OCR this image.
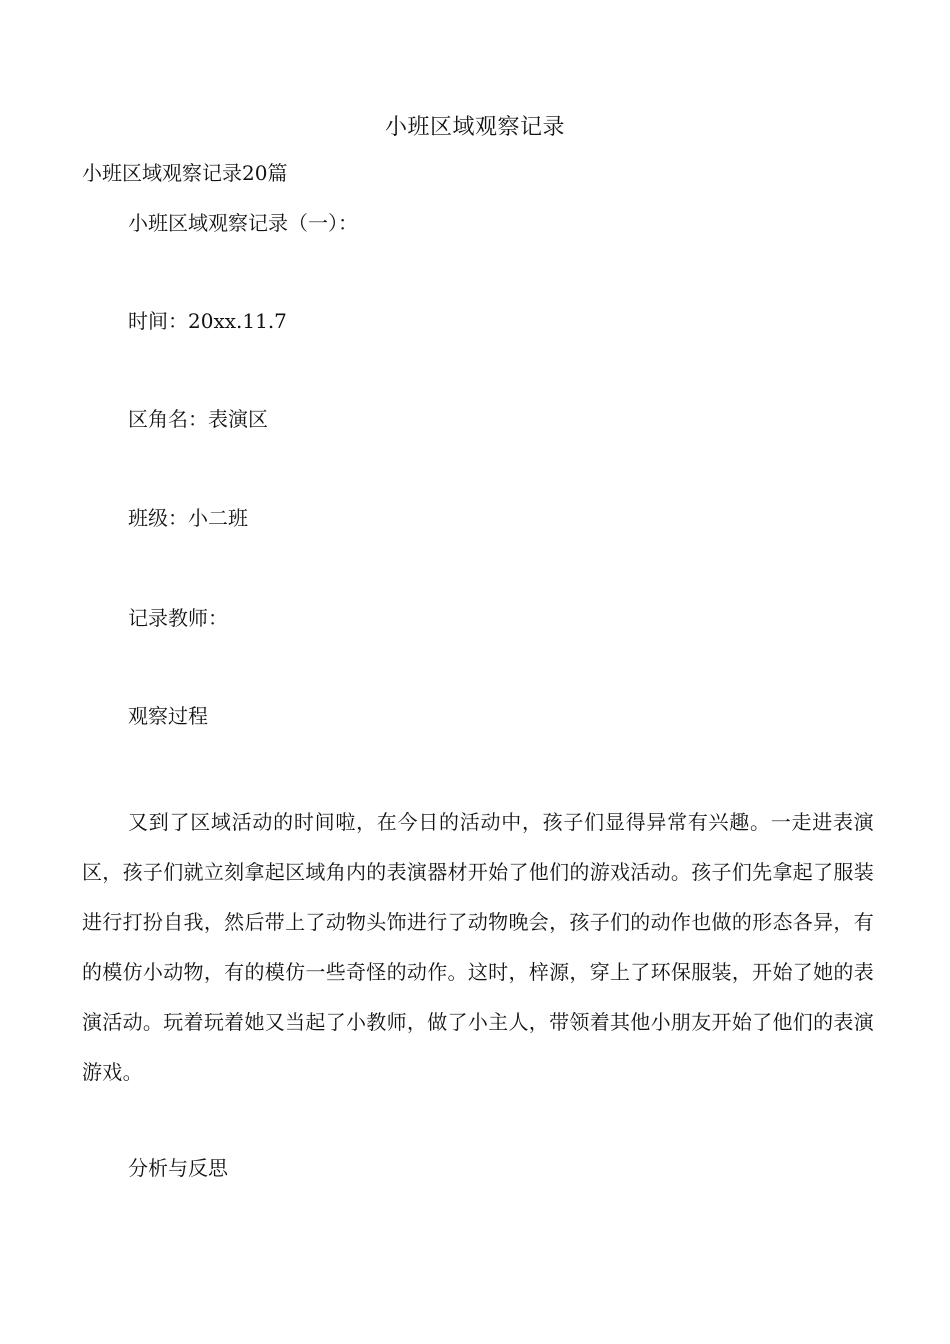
小班区域观察记录
小班区域观察记录20篇
小班区域观察记录（一）：
时间：20xx.11.7
区角名：表演区
班级：小二班
记录教师：
观察过程
又到了区域活动的时间啦，在今日的活动中，孩子们显得异常有兴趣。一走进表演区，孩子们就立刻拿起区域角内的表演器材开始了他们的游戏活动。孩子们先拿起了服装进行打扮自我，然后带上了动物头饰进行了动物晚会，孩子们的动作也做的形态各异，有的模仿小动物，有的模仿一些奇怪的动作。这时，梓源，穿上了环保服装，开始了她的表演活动。玩着玩着她又当起了小教师，做了小主人，带领着其他小朋友开始了他们的表演游戏。
分析与反思
